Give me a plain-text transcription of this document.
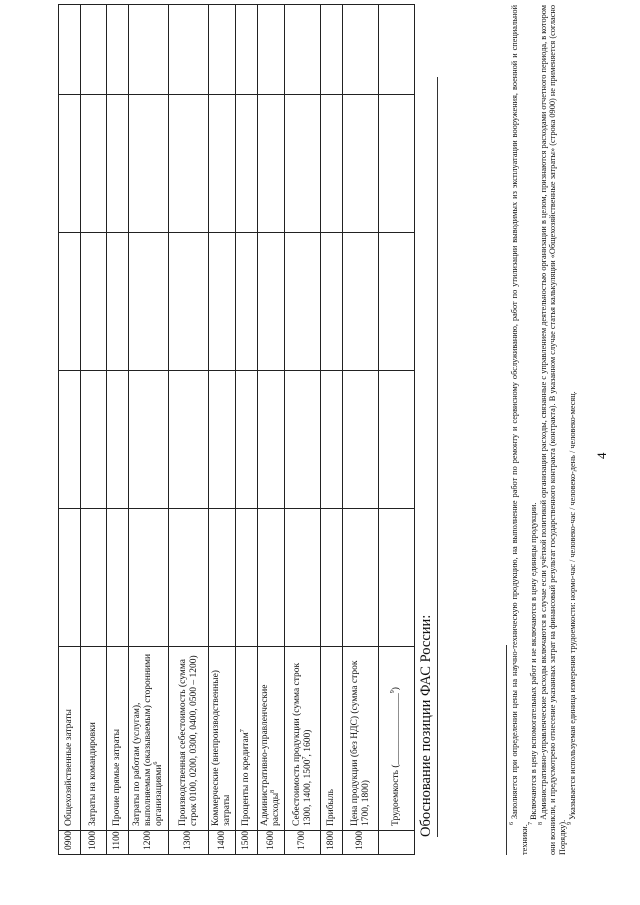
4
0900	Общехозяйственные затраты					
1000	Затраты на командировки					
1100	Прочие прямые затраты					
1200	Затраты по работам (услугам), выполняемым (оказываемым) сторонними организациями$^6$					
1300	Производственная себестоимость (сумма строк 0100, 0200, 0300, 0400, 0500 – 1200)					
1400	Коммерческие (внепроизводственные) затраты					
1500	Проценты по кредитам$^7$					
1600	Административно-управленческие расходы$^8$					
1700	Себестоимость продукции (сумма строк 1300, 1400, 1500$^7$, 1600)					
1800	Прибыль					
1900	Цена продукции (без НДС) (сумма строк 1700, 1800)					
	Трудоемкость (_______________$^9$)					Обоснование позиции ФАС России:	$^6$ Заполняется при определении цены на научно-техническую продукцию, на выполнение работ по ремонту и сервисному обслуживанию, работ по утилизации выводимых из эксплуатации вооружения, военной и специальной техники.

$^7$ Включаются в цену вспомогательных работ и не включаются в цену единицы продукции.

$^8$ Административно-управленческие расходы включаются в случае если учётной политикой организации расходы, связанные с управлением деятельностью организации в целом, признаются расходами отчетного периода, в котором они возникли, и предусмотрено отнесение указанных затрат на финансовый результат государственного контракта (контракта). В указанном случае статья калькуляции «Общехозяйственные затраты» (строка 0900) не применяется (согласно Порядку). $^9$ Указывается используемая единица измерения трудоемкости: нормо-час / человеко-час / человеко-день / человеко-месяц.
